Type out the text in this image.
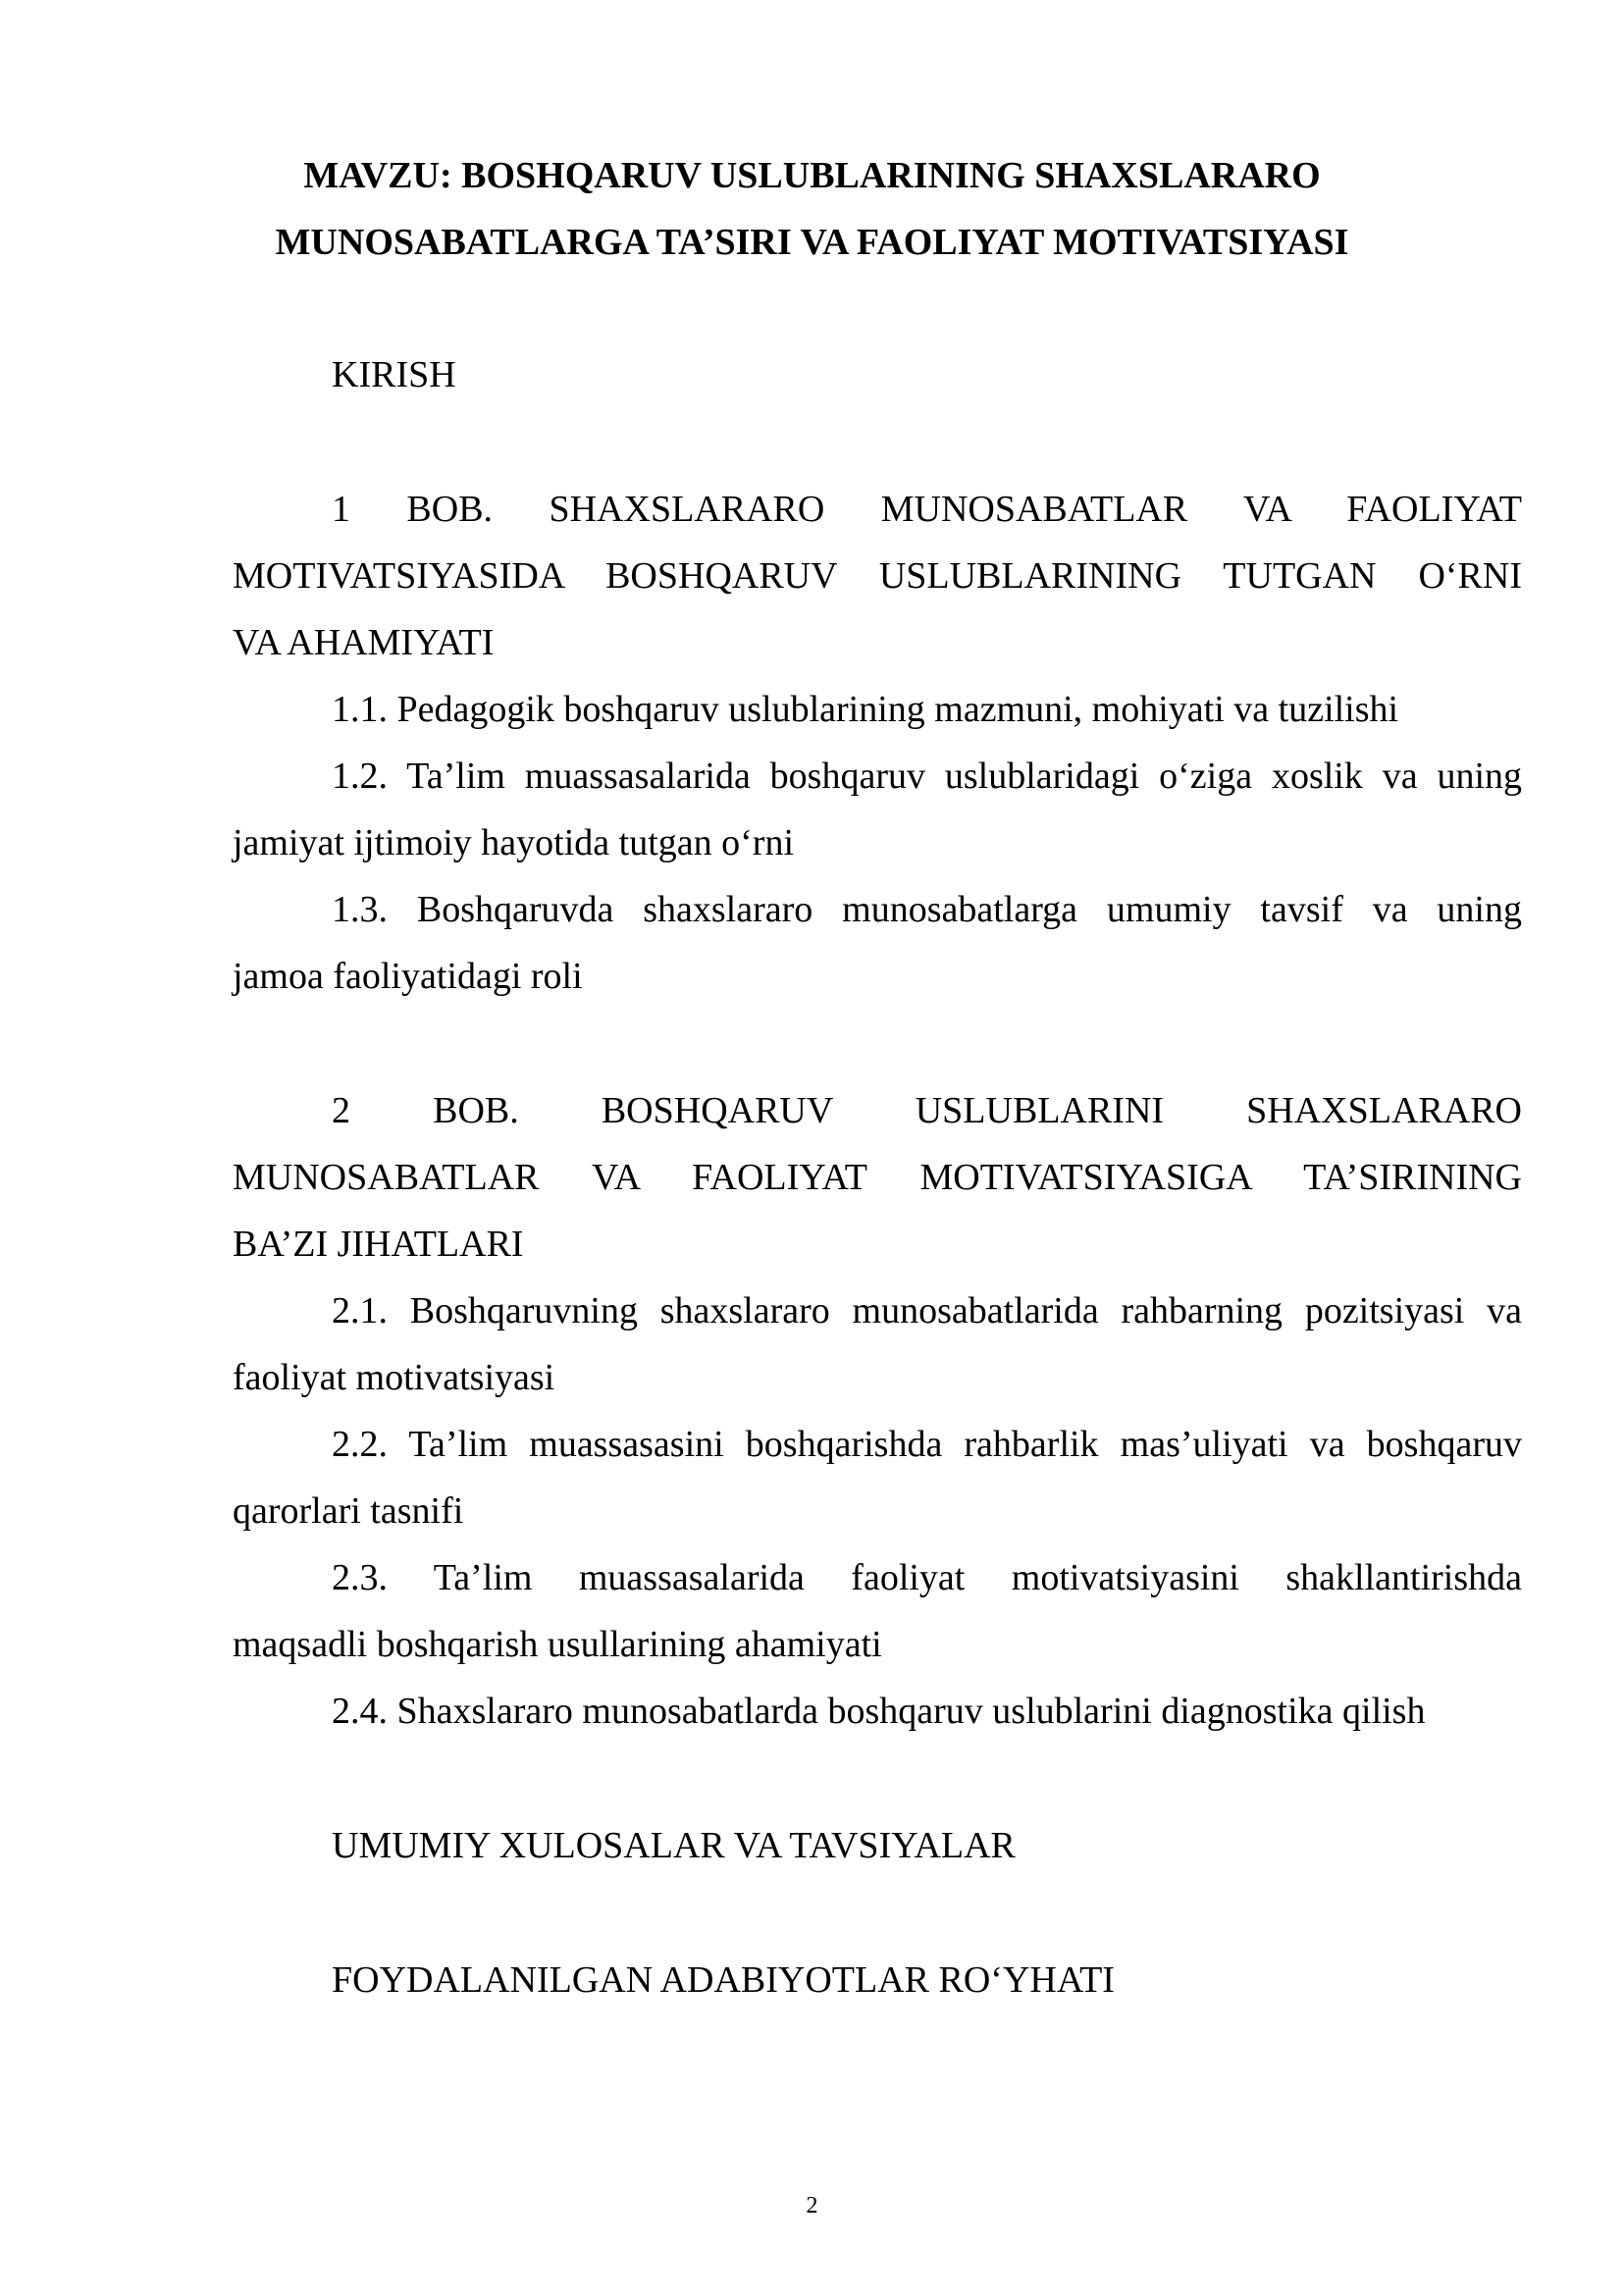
MAVZU: BOSHQARUV USLUBLARINING SHAXSLARARO
MUNOSABATLARGA TA’SIRI VA FAOLIYAT MOTIVATSIYASI
KIRISH
1 BOB. SHAXSLARARO MUNOSABATLAR VA FAOLIYAT
MOTIVATSIYASIDA BOSHQARUV USLUBLARINING TUTGAN O‘RNI
VA AHAMIYATI
1.1. Pedagogik boshqaruv uslublarining mazmuni, mohiyati va tuzilishi
1.2. Ta’lim muassasalarida boshqaruv uslublaridagi o‘ziga xoslik va uning
jamiyat ijtimoiy hayotida tutgan o‘rni
1.3. Boshqaruvda shaxslararo munosabatlarga umumiy tavsif va uning
jamoa faoliyatidagi roli
2 BOB. BOSHQARUV USLUBLARINI SHAXSLARARO
MUNOSABATLAR VA FAOLIYAT MOTIVATSIYASIGA TA’SIRINING
BA’ZI JIHATLARI
2.1. Boshqaruvning shaxslararo munosabatlarida rahbarning pozitsiyasi va
faoliyat motivatsiyasi
2.2. Ta’lim muassasasini boshqarishda rahbarlik mas’uliyati va boshqaruv
qarorlari tasnifi
2.3. Ta’lim muassasalarida faoliyat motivatsiyasini shakllantirishda
maqsadli boshqarish usullarining ahamiyati
2.4. Shaxslararo munosabatlarda boshqaruv uslublarini diagnostika qilish
UMUMIY XULOSALAR VA TAVSIYALAR
FOYDALANILGAN ADABIYOTLAR RO‘YHATI
2
